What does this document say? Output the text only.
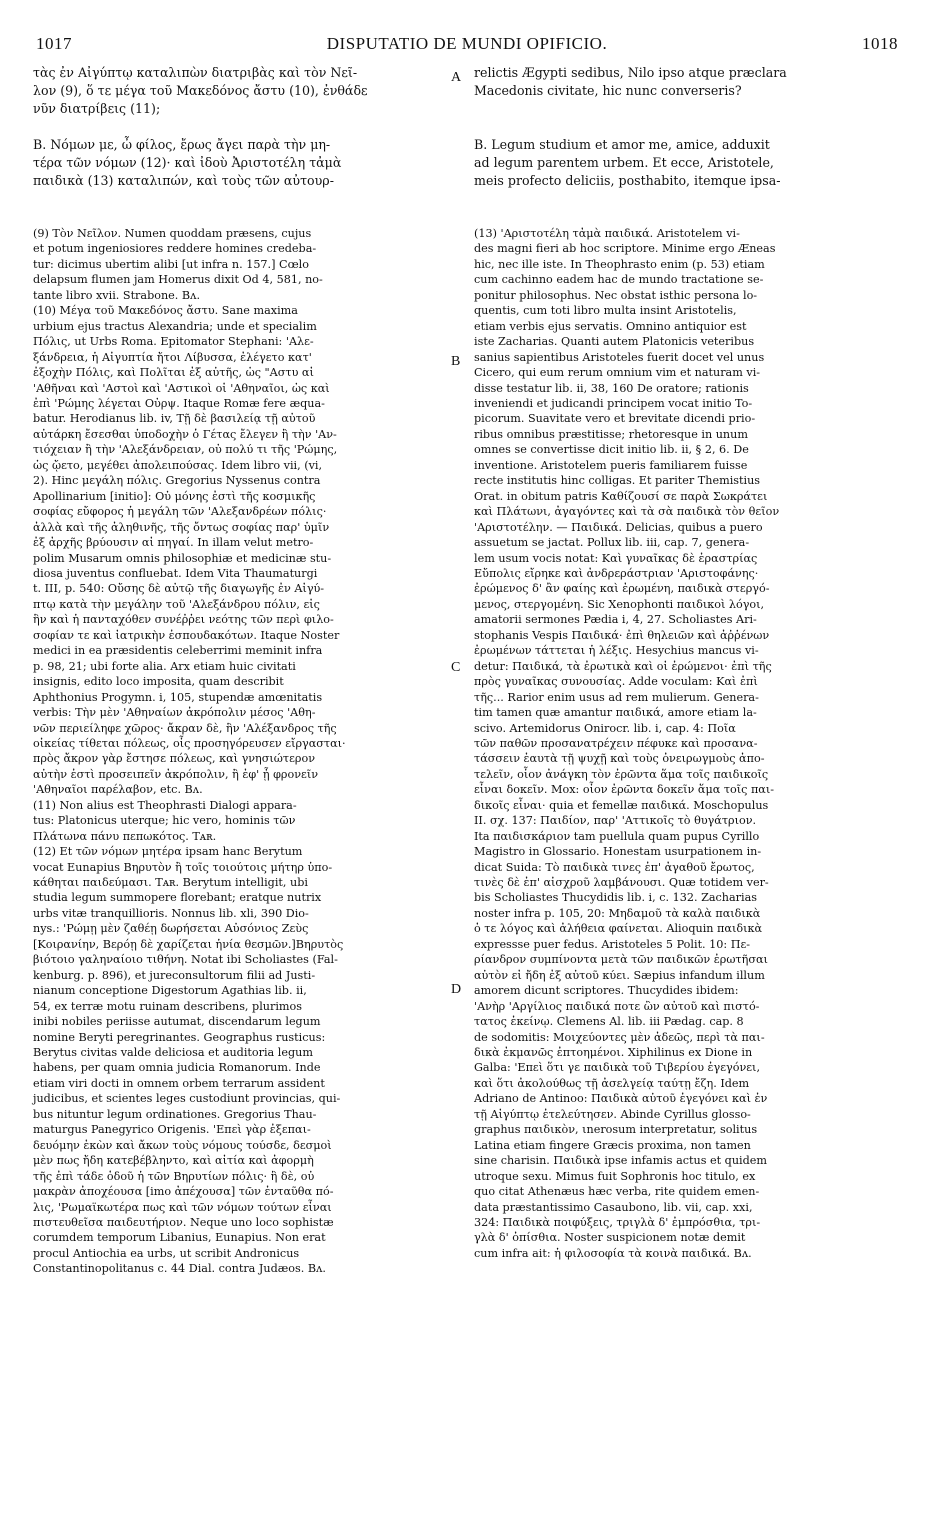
1017	DISPUTATIO DE MUNDI OPIFICIO.	1018
τὰς ἐν Αἰγύπτῳ καταλιπὼν διατριβὰς καὶ τὸν Νεῖ-
λον (9), ὅ τε μέγα τοῦ Μακεδόνος ἄστυ (10), ἐνθάδε
νῦν διατρίβεις (11);
relictis Ægypti sedibus, Nilo ipso atque præclara
Macedonis civitate, hic nunc converseris?
Β. Νόμων με, ὦ φίλος, ἔρως ἄγει παρὰ τὴν μη-
τέρα τῶν νόμων (12)· καὶ ἰδοὺ Ἀριστοτέλη τἀμὰ
παιδικὰ (13) καταλιπών, καὶ τοὺς τῶν αὐτουρ-
B. Legum studium et amor me, amice, adduxit
ad legum parentem urbem. Et ecce, Aristotele,
meis profecto deliciis, posthabito, itemque ipsa-
A
B
C
D
(9) Τὸν Νεῖλον. Numen quoddam præsens, cujus
et potum ingeniosiores reddere homines credeba-
tur: dicimus ubertim alibi [ut infra n. 157.] Cœlo
delapsum flumen jam Homerus dixit Od 4, 581, no-
tante libro xvii. Strabone. Bʌ.
(10) Μέγα τοῦ Μακεδόνος ἄστυ. Sane maxima
urbium ejus tractus Alexandria; unde et specialim
Πόλις, ut Urbs Roma. Epitomator Stephani: 'Αλε-
ξάνδρεια, ἡ Αἰγυπτία ἤτοι Λίβυσσα, ἐλέγετο κατ'
ἐξοχὴν Πόλις, καὶ Πολῖται ἐξ αὐτῆς, ὡς "Αστυ αἱ
'Αθῆναι καὶ 'Αστοὶ καὶ 'Αστικοὶ οἱ 'Αθηναῖοι, ὡς καὶ
ἐπὶ 'Ρώμης λέγεται Οὐρψ. Itaque Romæ fere æqua-
batur. Herodianus lib. iv, Τῇ δὲ βασιλείᾳ τῇ αὐτοῦ
αὐτάρκη ἔσεσθαι ὑποδοχὴν ὁ Γέτας ἔλεγεν ἢ τὴν 'Αν-
τιόχειαν ἢ τὴν 'Αλεξάνδρειαν, οὐ πολύ τι τῆς 'Ρώμης,
ὡς ᾤετο, μεγέθει ἀπολειπούσας. Idem libro vii, (vi,
2). Hinc μεγάλη πόλις. Gregorius Nyssenus contra
Apollinarium [initio]: Οὐ μόνης ἐστὶ τῆς κοσμικῆς
σοφίας εὔφορος ἡ μεγάλη τῶν 'Αλεξανδρέων πόλις·
ἀλλὰ καὶ τῆς ἀληθινῆς, τῆς ὄντως σοφίας παρ' ὑμῖν
ἐξ ἀρχῆς βρύουσιν αἱ πηγαί. In illam velut metro-
polim Musarum omnis philosophiæ et medicinæ stu-
diosa juventus confluebat. Idem Vita Thaumaturgi
t. III, p. 540: Οὔσης δὲ αὐτῷ τῆς διαγωγῆς ἐν Αἰγύ-
πτῳ κατὰ τὴν μεγάλην τοῦ 'Αλεξάνδρου πόλιν, εἰς
ἣν καὶ ἡ πανταχόθεν συνέῤῥει νεότης τῶν περὶ φιλο-
σοφίαν τε καὶ ἰατρικὴν ἐσπουδακότων. Itaque Noster
medici in ea præsidentis celeberrimi meminit infra
p. 98, 21; ubi forte alia. Arx etiam huic civitati
insignis, edito loco imposita, quam describit
Aphthonius Progymn. i, 105, stupendæ amœnitatis
verbis: Τὴν μὲν 'Αθηναίων ἀκρόπολιν μέσος 'Αθη-
νῶν περιείληφε χῶρος· ἄκραν δὲ, ἣν 'Αλέξανδρος τῆς
οἰκείας τίθεται πόλεως, οἷς προσηγόρευσεν εἴργασται·
πρὸς ἄκρον γὰρ ἔστησε πόλεως, καὶ γνησιώτερον
αὐτὴν ἐστὶ προσειπεῖν ἀκρόπολιν, ἢ ἐφ' ᾗ φρονεῖν
'Αθηναῖοι παρέλαβον, etc. Bʌ.
(11) Non alius est Theophrasti Dialogi appara-
tus: Platonicus uterque; hic vero, hominis τῶν
Πλάτωνα πάνυ πεπωκότος. Tᴀʀ.
(12) Et τῶν νόμων μητέρα ipsam hanc Berytum
vocat Eunapius Βηρυτὸν ἢ τοῖς τοιούτοις μήτηρ ὑπο-
κάθηται παιδεύμασι. Tᴀʀ. Berytum intelligit, ubi
studia legum summopere florebant; eratque nutrix
urbs vitæ tranquillioris. Nonnus lib. xli, 390 Dio-
nys.: 'Ρώμῃ μὲν ζαθέῃ δωρήσεται Αὐσόνιος Ζεὺς
[Κοιρανίην, Βερόῃ δὲ χαρίζεται ἡνία θεσμῶν.]Βηρυτὸς
βιότοιο γαληναίοιο τιθήνη. Notat ibi Scholiastes (Fal-
kenburg. p. 896), et jureconsultorum filii ad Justi-
nianum conceptione Digestorum Agathias lib. ii,
54, ex terræ motu ruinam describens, plurimos
inibi nobiles periisse autumat, discendarum legum
nomine Beryti peregrinantes. Geographus rusticus:
Berytus civitas valde deliciosa et auditoria legum
habens, per quam omnia judicia Romanorum. Inde
etiam viri docti in omnem orbem terrarum assident
judicibus, et scientes leges custodiunt provincias, qui-
bus nituntur legum ordinationes. Gregorius Thau-
maturgus Panegyrico Origenis. 'Επεὶ γὰρ ἐξεπαι-
δευόμην ἑκὼν καὶ ἄκων τοὺς νόμους τούσδε, δεσμοὶ
μὲν πως ἤδη κατεβέβληντο, καὶ αἰτία καὶ ἀφορμὴ
τῆς ἐπὶ τάδε ὁδοῦ ἡ τῶν Βηρυτίων πόλις· ἣ δὲ, οὐ
μακρὰν ἀποχέουσα [imo ἀπέχουσα] τῶν ἐνταῦθα πό-
λις, 'Ρωμαϊκωτέρα πως καὶ τῶν νόμων τούτων εἶναι
πιστευθεῖσα παιδευτήριον. Neque uno loco sophistæ
corumdem temporum Libanius, Eunapius. Non erat
procul Antiochia ea urbs, ut scribit Andronicus
Constantinopolitanus c. 44 Dial. contra Judæos. Bʌ.
(13) 'Αριστοτέλη τἀμὰ παιδικά. Aristotelem vi-
des magni fieri ab hoc scriptore. Minime ergo Æneas
hic, nec ille iste. In Theophrasto enim (p. 53) etiam
cum cachinno eadem hac de mundo tractatione se-
ponitur philosophus. Nec obstat isthic persona lo-
quentis, cum toti libro multa insint Aristotelis,
etiam verbis ejus servatis. Omnino antiquior est
iste Zacharias. Quanti autem Platonicis veteribus
sanius sapientibus Aristoteles fuerit docet vel unus
Cicero, qui eum rerum omnium vim et naturam vi-
disse testatur lib. ii, 38, 160 De oratore; rationis
inveniendi et judicandi principem vocat initio To-
picorum. Suavitate vero et brevitate dicendi prio-
ribus omnibus præstitisse; rhetoresque in unum
omnes se convertisse dicit initio lib. ii, § 2, 6. De
inventione. Aristotelem pueris familiarem fuisse
recte institutis hinc colligas. Et pariter Themistius
Orat. in obitum patris Καθίζουσί σε παρὰ Σωκράτει
καὶ Πλάτωνι, ἀγαγόντες καὶ τὰ σὰ παιδικὰ τὸν θεῖον
'Αριστοτέλην. — Παιδικά. Delicias, quibus a puero
assuetum se jactat. Pollux lib. iii, cap. 7, genera-
lem usum vocis notat: Καὶ γυναῖκας δὲ ἐραστρίας
Εὔπολις εἴρηκε καὶ ἀνδρεράστριαν 'Αριστοφάνης·
ἐρώμενος δ' ἂν φαίης καὶ ἐρωμένη, παιδικὰ στεργό-
μενος, στεργομένη. Sic Xenophonti παιδικοὶ λόγοι,
amatorii sermones Pædia i, 4, 27. Scholiastes Ari-
stophanis Vespis Παιδικά· ἐπὶ θηλειῶν καὶ ἀῤῥένων
ἐρωμένων τάττεται ἡ λέξις. Hesychius mancus vi-
detur: Παιδικά, τὰ ἐρωτικὰ καὶ οἱ ἐρώμενοι· ἐπὶ τῆς
πρὸς γυναῖκας συνουσίας. Adde voculam: Καὶ ἐπὶ
τῆς... Rarior enim usus ad rem mulierum. Genera-
tim tamen quæ amantur παιδικά, amore etiam la-
scivo. Artemidorus Onirocr. lib. i, cap. 4: Ποῖα
τῶν παθῶν προσανατρέχειν πέφυκε καὶ προσανα-
τάσσειν ἑαυτὰ τῇ ψυχῇ καὶ τοὺς ὀνειρωγμοὺς ἀπο-
τελεῖν, οἷον ἀνάγκη τὸν ἐρῶντα ἅμα τοῖς παιδικοῖς
εἶναι δοκεῖν. Mox: οἷον ἐρῶντα δοκεῖν ἅμα τοῖς παι-
δικοῖς εἶναι· quia et femellæ παιδικά. Moschopulus
II. σχ. 137: Παιδίον, παρ' 'Αττικοῖς τὸ θυγάτριον.
Ita παιδισκάριον tam puellula quam pupus Cyrillo
Magistro in Glossario. Honestam usurpationem in-
dicat Suida: Τὸ παιδικὰ τινες ἐπ' ἀγαθοῦ ἔρωτος,
τινὲς δὲ ἐπ' αἰσχροῦ λαμβάνουσι. Quæ totidem ver-
bis Scholiastes Thucydidis lib. i, c. 132. Zacharias
noster infra p. 105, 20: Μηδαμοῦ τὰ καλὰ παιδικὰ
ὁ τε λόγος καὶ ἀλήθεια φαίνεται. Alioquin παιδικὰ
expressse puer fedus. Aristoteles 5 Polit. 10: Πε-
ρίανδρον συμπίνοντα μετὰ τῶν παιδικῶν ἐρωτῆσαι
αὐτὸν εἰ ἤδη ἐξ αὐτοῦ κύει. Sæpius infandum illum
amorem dicunt scriptores. Thucydides ibidem:
'Ανὴρ 'Αργίλιος παιδικά ποτε ὢν αὐτοῦ καὶ πιστό-
τατος ἐκείνῳ. Clemens Al. lib. iii Pædag. cap. 8
de sodomitis: Μοιχεύοντες μὲν ἀδεῶς, περὶ τὰ παι-
δικὰ ἐκμανῶς ἐπτοημένοι. Xiphilinus ex Dione in
Galba: 'Επεὶ ὅτι γε παιδικὰ τοῦ Τιβερίου ἐγεγόνει,
καὶ ὅτι ἀκολούθως τῇ ἀσελγείᾳ ταύτῃ ἔζη. Idem
Adriano de Antinoo: Παιδικὰ αὐτοῦ ἐγεγόνει καὶ ἐν
τῇ Αἰγύπτῳ ἐτελεύτησεν. Abinde Cyrillus glosso-
graphus παιδικὸν, ιnerosum interpretatur, solitus
Latina etiam fingere Græcis proxima, non tamen
sine charisin. Παιδικὰ ipse infamis actus et quidem
utroque sexu. Mimus fuit Sophronis hoc titulo, ex
quo citat Athenæus hæc verba, rite quidem emen-
data præstantissimo Casaubono, lib. vii, cap. xxi,
324: Παιδικὰ ποιφύξεις, τριγλὰ δ' ἐμπρόσθια, τρι-
γλὰ δ' ὀπίσθια. Noster suspicionem notæ demit
cum infra ait: ἡ φιλοσοφία τὰ κοινὰ παιδικά. Bʌ.
